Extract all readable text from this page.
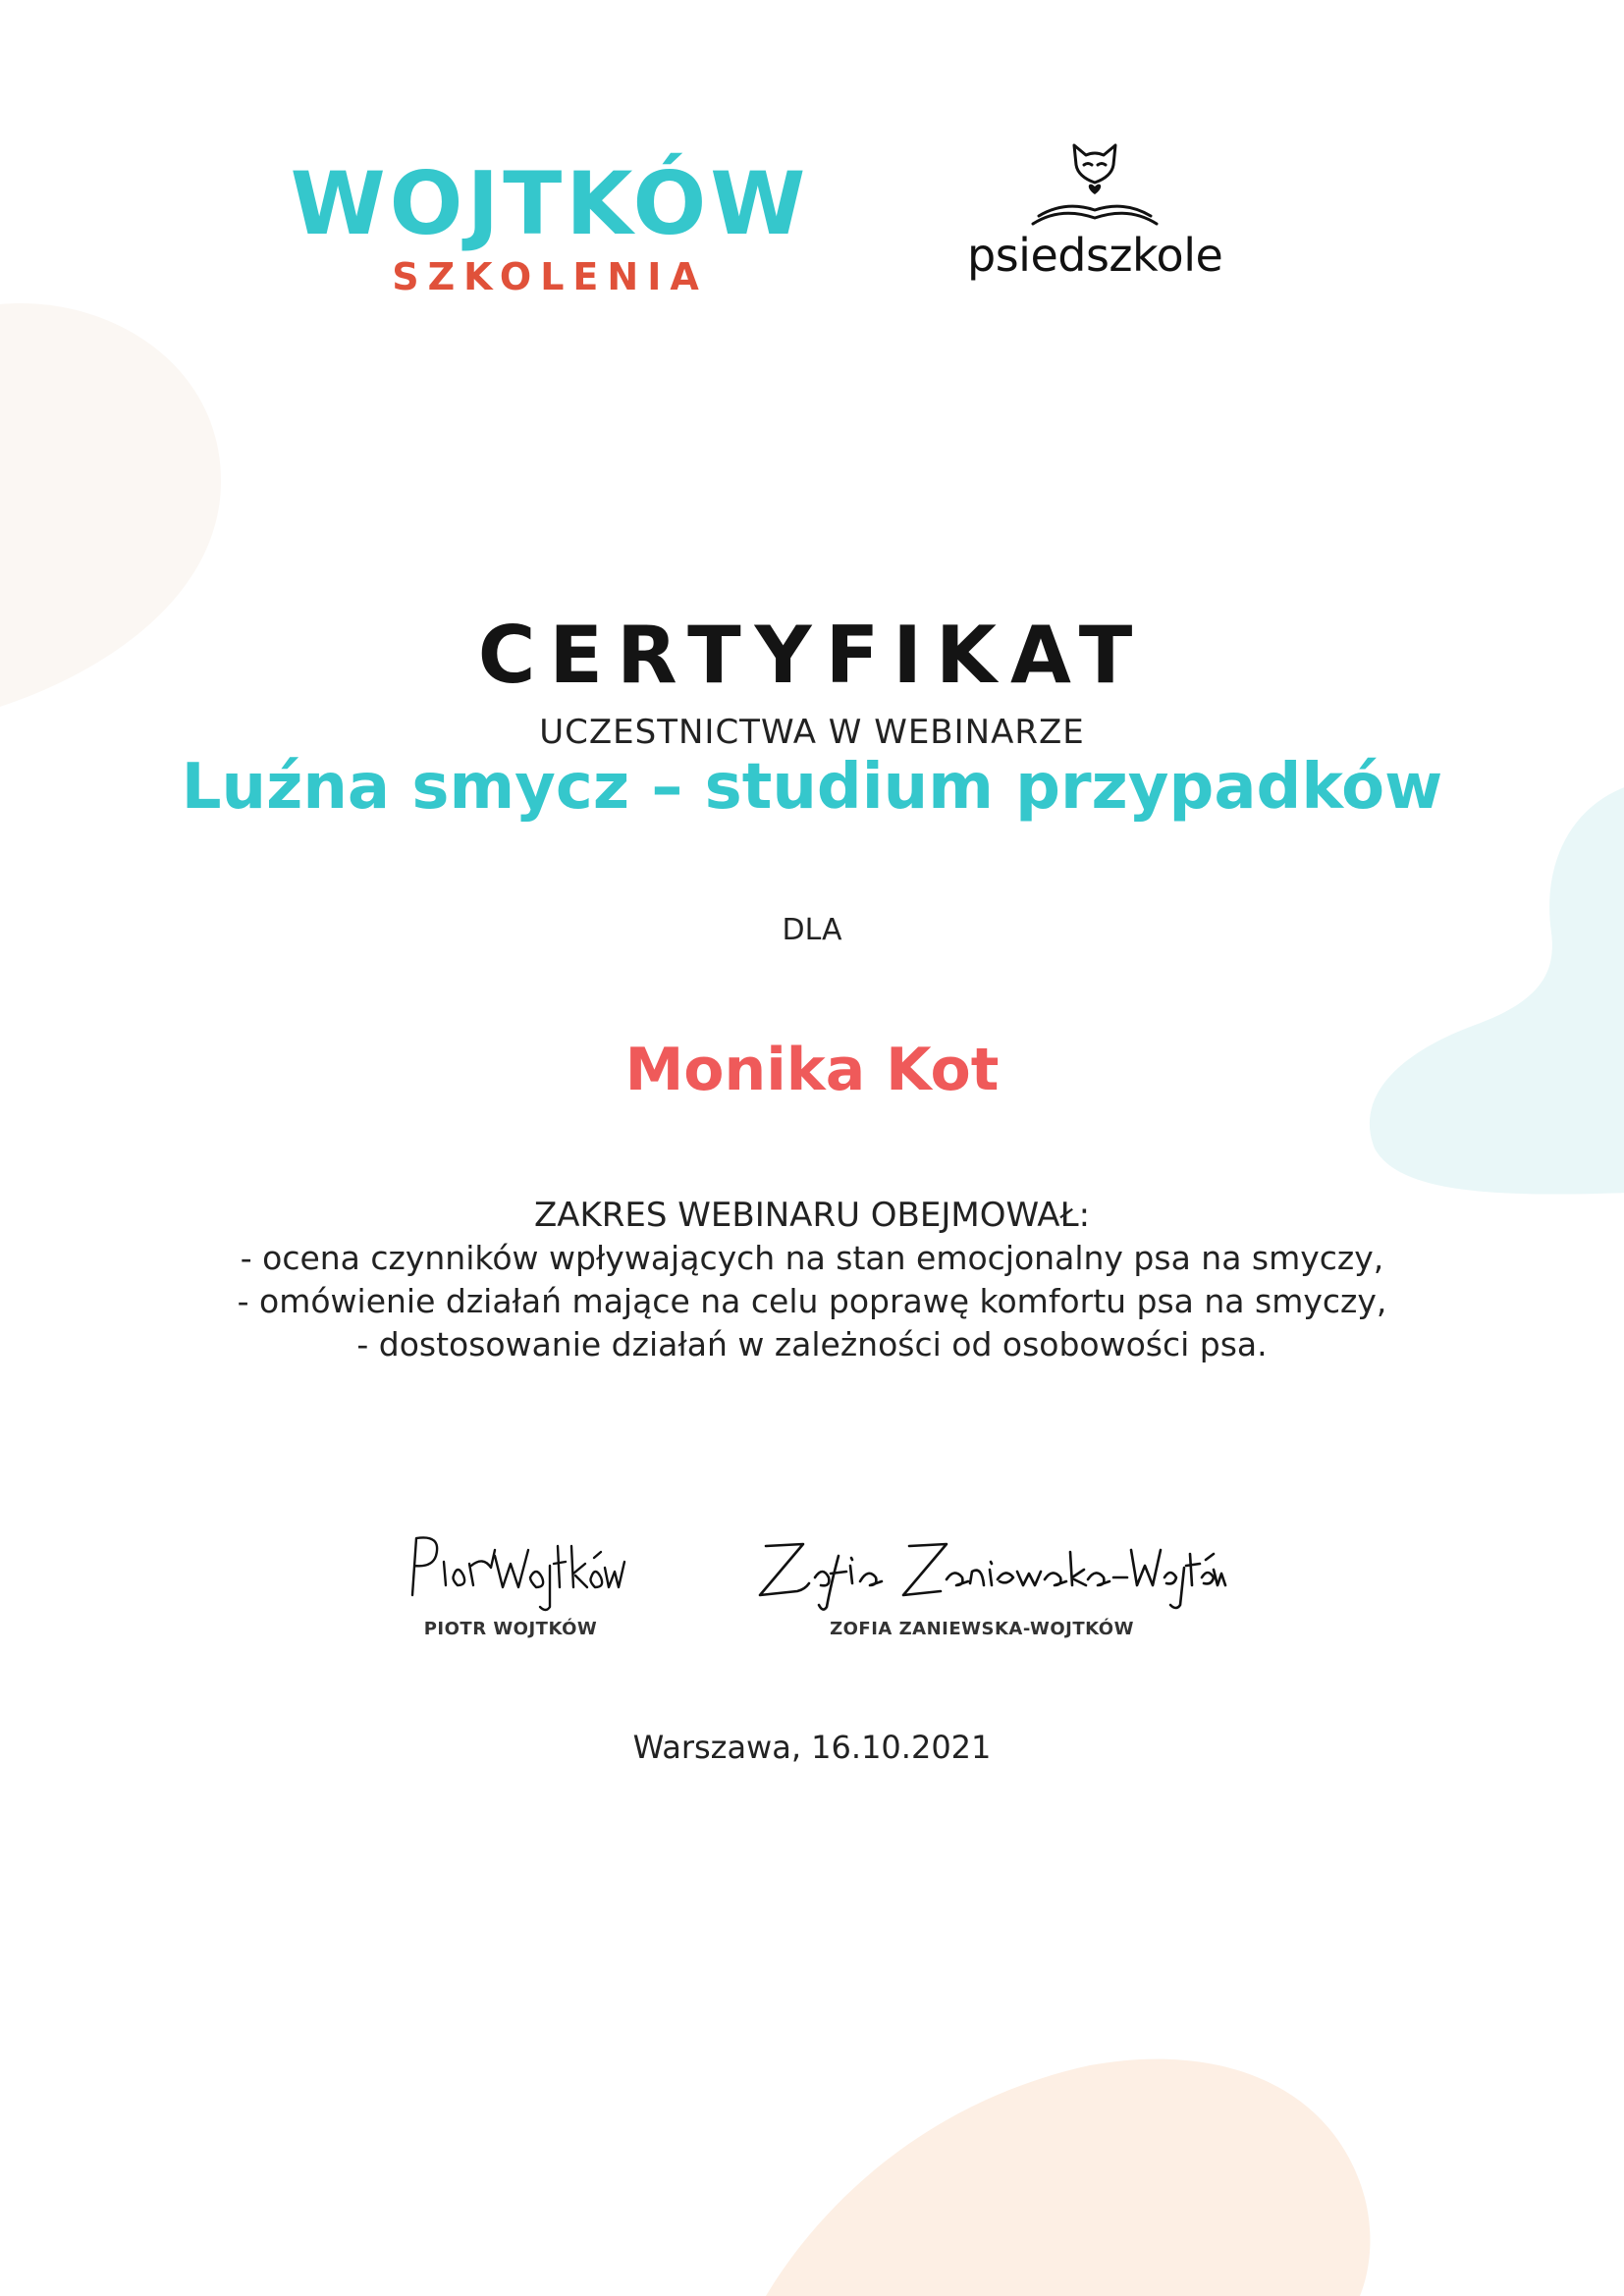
WOJTKÓW
SZKOLENIA	psiedszkole
CERTYFIKAT
UCZESTNICTWA W WEBINARZE
Luźna smycz – studium przypadków
DLA
Monika Kot
ZAKRES WEBINARU OBEJMOWAŁ:
- ocena czynników wpływających na stan emocjonalny psa na smyczy,
- omówienie działań mające na celu poprawę komfortu psa na smyczy,
- dostosowanie działań w zależności od osobowości psa.
PIOTR WOJTKÓW	ZOFIA ZANIEWSKA-WOJTKÓW
Warszawa, 16.10.2021
